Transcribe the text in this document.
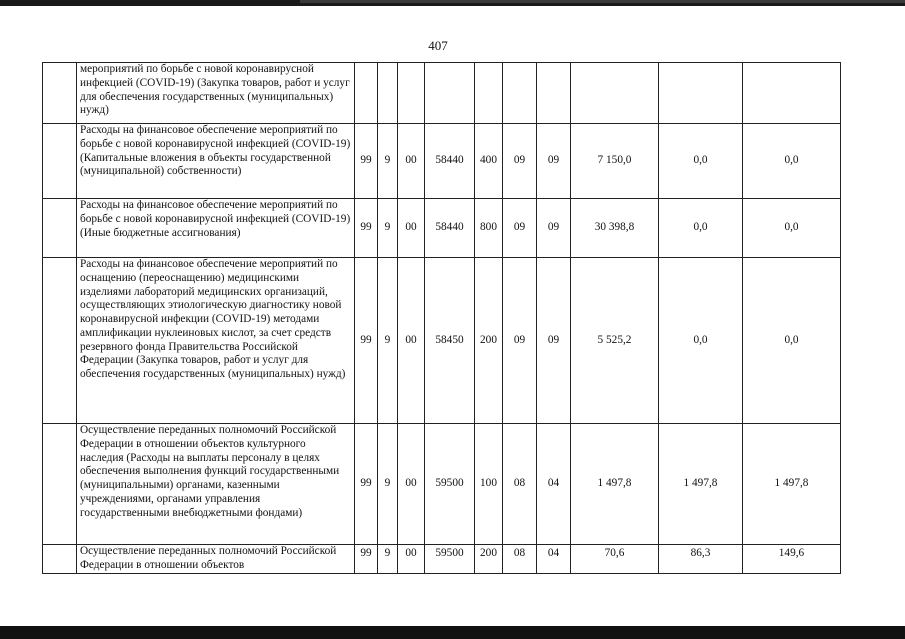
407
	мероприятий по борьбе с новой коронавирусной инфекцией (COVID-19) (Закупка товаров, работ и услуг для обеспечения государственных (муниципальных) нужд)										
	Расходы на финансовое обеспечение мероприятий по борьбе с новой коронавирусной инфекцией (COVID-19) (Капитальные вложения в объекты государственной (муниципальной) собственности)	99	9	00	58440	400	09	09	7 150,0	0,0	0,0
	Расходы на финансовое обеспечение мероприятий по борьбе с новой коронавирусной инфекцией (COVID-19) (Иные бюджетные ассигнования)	99	9	00	58440	800	09	09	30 398,8	0,0	0,0
	Расходы на финансовое обеспечение мероприятий по оснащению (переоснащению) медицинскими изделиями лабораторий медицинских организаций, осуществляющих этиологическую диагностику новой коронавирусной инфекции (COVID-19) методами амплификации нуклеиновых кислот, за счет средств резервного фонда Правительства Российской Федерации (Закупка товаров, работ и услуг для обеспечения государственных (муниципальных) нужд)	99	9	00	58450	200	09	09	5 525,2	0,0	0,0
	Осуществление переданных полномочий Российской Федерации в отношении объектов культурного наследия (Расходы на выплаты персоналу в целях обеспечения выполнения функций государственными (муниципальными) органами, казенными учреждениями, органами управления государственными внебюджетными фондами)	99	9	00	59500	100	08	04	1 497,8	1 497,8	1 497,8
	Осуществление переданных полномочий Российской Федерации в отношении объектов	99	9	00	59500	200	08	04	70,6	86,3	149,6
